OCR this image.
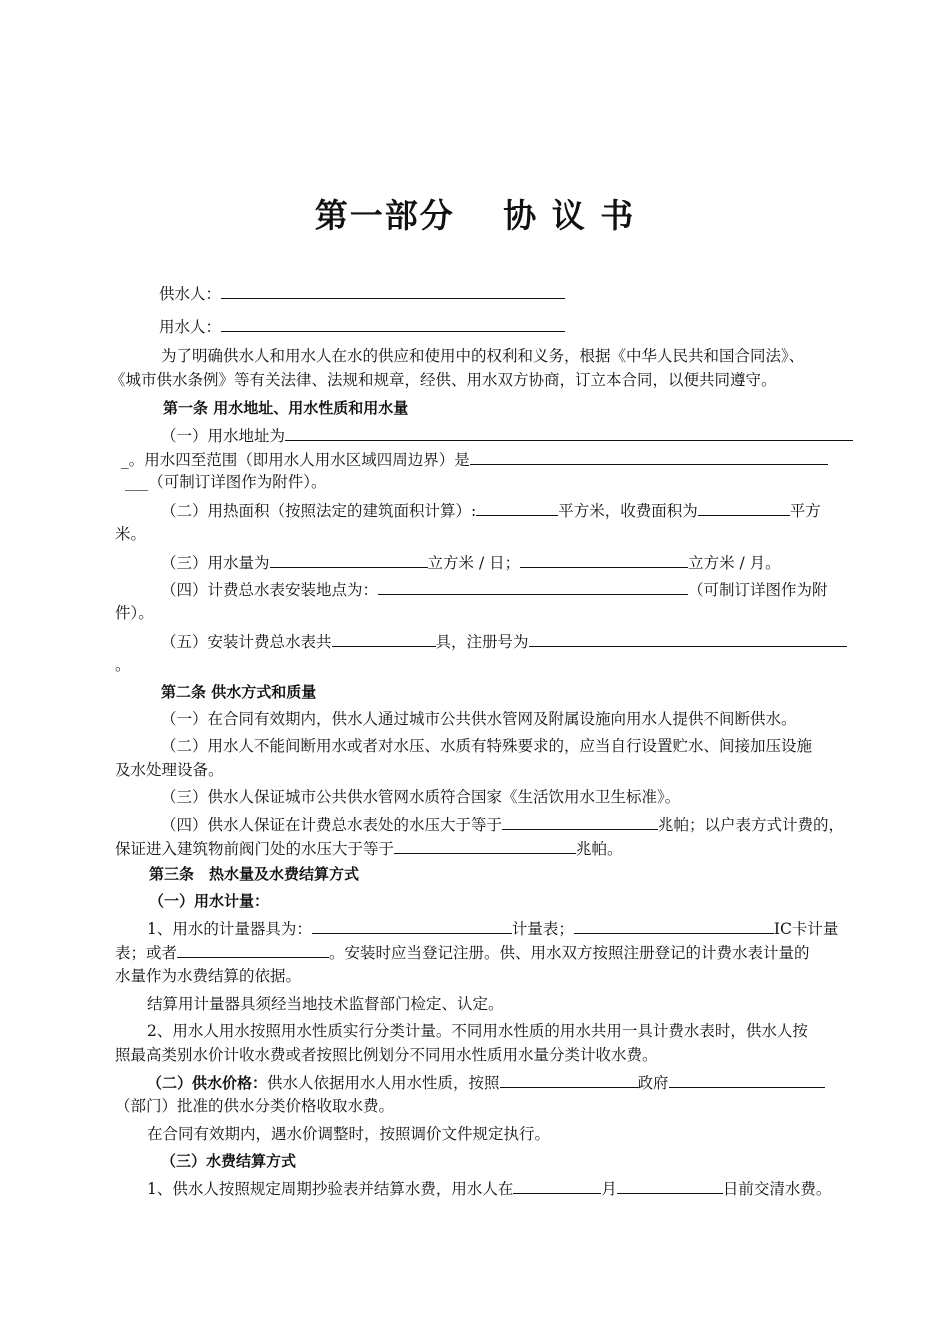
第一部分　 协 议 书
供水人：
用水人：
为了明确供水人和用水人在水的供应和使用中的权利和义务，根据《中华人民共和国合同法》、
《城市供水条例》等有关法律、法规和规章，经供、用水双方协商，订立本合同，以便共同遵守。
第一条 用水地址、用水性质和用水量
（一）用水地址为
_。用水四至范围（即用水人用水区域四周边界）是
___（可制订详图作为附件）。
（二）用热面积（按照法定的建筑面积计算）:	平方米，收费面积为	平方
米。
（三）用水量为	立方米 / 日；	立方米 / 月。
（四）计费总水表安装地点为：	（可制订详图作为附
件）。
（五）安装计费总水表共	具，注册号为
。
第二条 供水方式和质量
（一）在合同有效期内，供水人通过城市公共供水管网及附属设施向用水人提供不间断供水。
（二）用水人不能间断用水或者对水压、水质有特殊要求的，应当自行设置贮水、间接加压设施
及水处理设备。
（三）供水人保证城市公共供水管网水质符合国家《生活饮用水卫生标准》。
（四）供水人保证在计费总水表处的水压大于等于	兆帕；以户表方式计费的，
保证进入建筑物前阀门处的水压大于等于	兆帕。
第三条　热水量及水费结算方式
（一）用水计量：
1、用水的计量器具为：	计量表；	IC卡计量
表；或者	。安装时应当登记注册。供、用水双方按照注册登记的计费水表计量的
水量作为水费结算的依据。
结算用计量器具须经当地技术监督部门检定、认定。
2、用水人用水按照用水性质实行分类计量。不同用水性质的用水共用一具计费水表时，供水人按
照最高类别水价计收水费或者按照比例划分不同用水性质用水量分类计收水费。
（二）供水价格：供水人依据用水人用水性质，按照	政府
（部门）批准的供水分类价格收取水费。
在合同有效期内，遇水价调整时，按照调价文件规定执行。
（三）水费结算方式
1、供水人按照规定周期抄验表并结算水费，用水人在	月	日前交清水费。
